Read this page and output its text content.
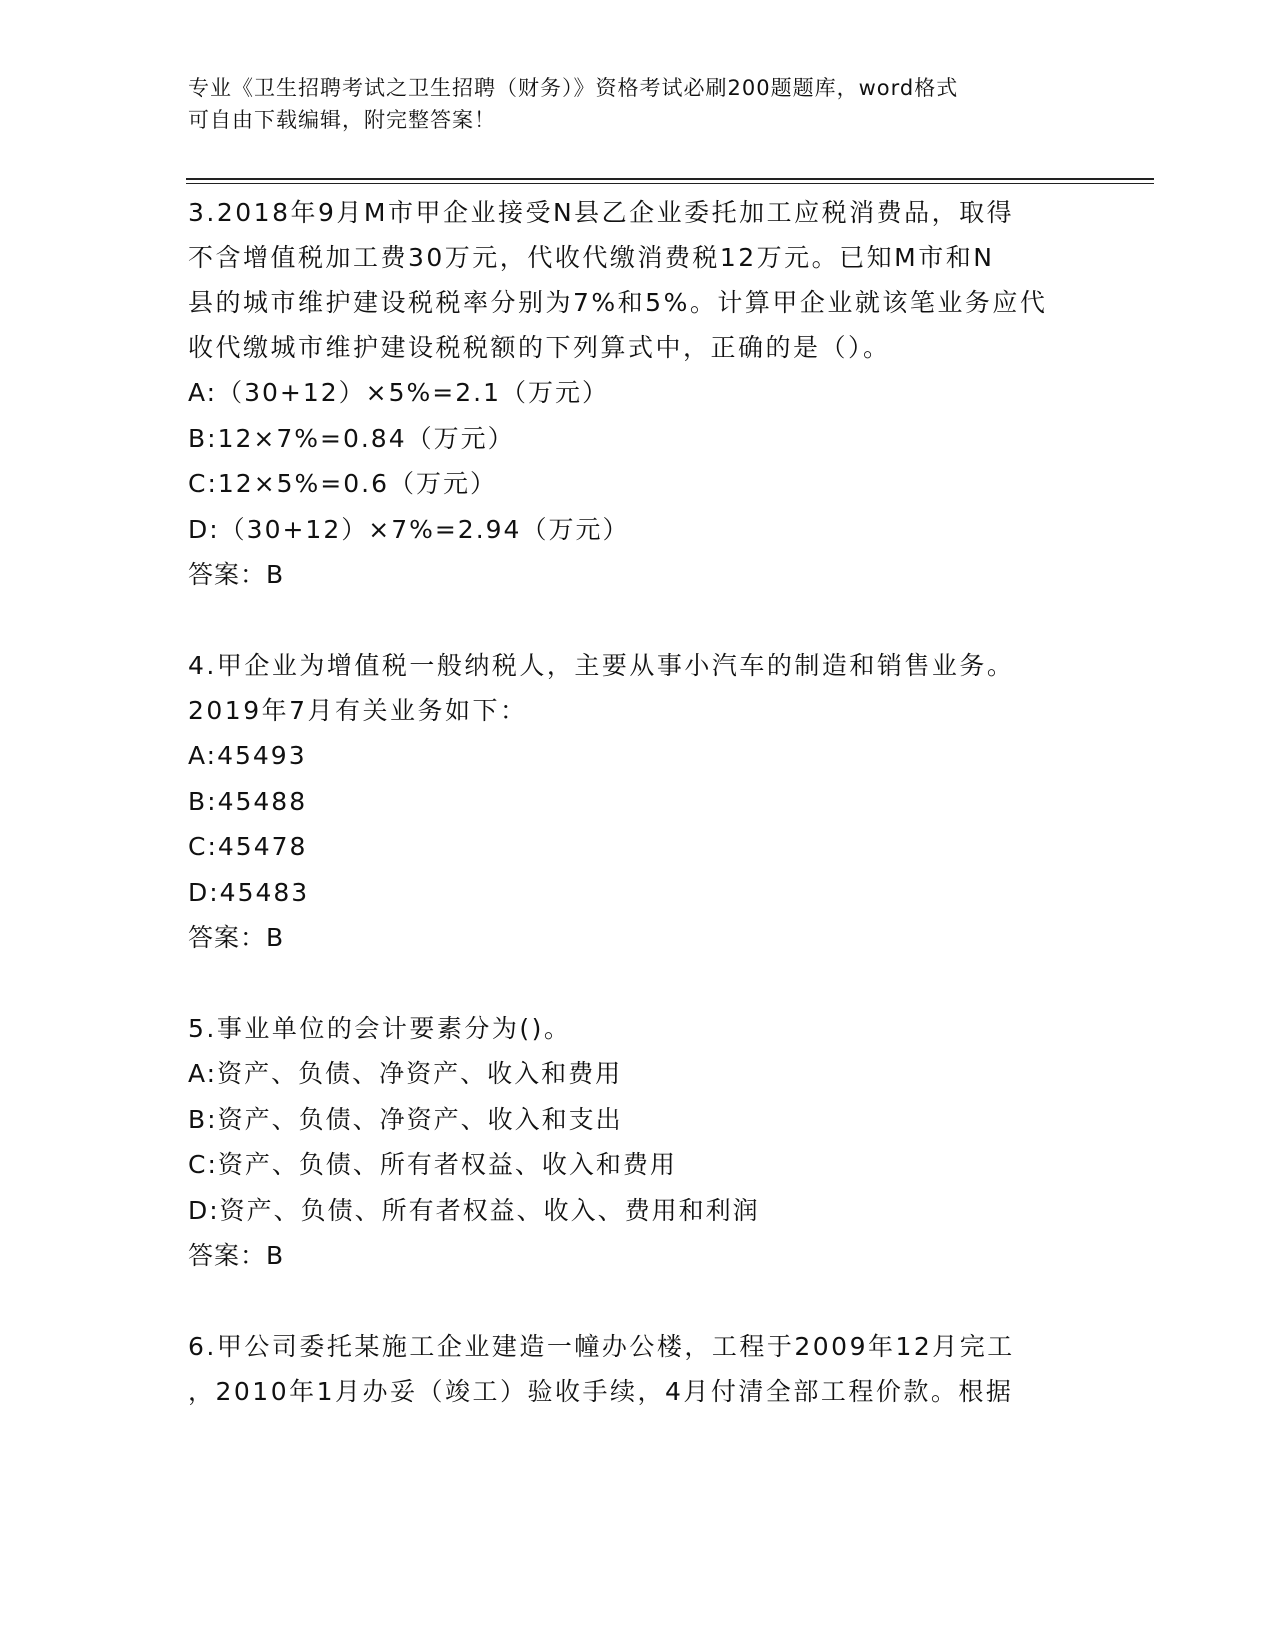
专业《卫生招聘考试之卫生招聘（财务）》资格考试必刷200题题库，word格式
可自由下载编辑，附完整答案！
3.2018年9月M市甲企业接受N县乙企业委托加工应税消费品，取得
不含增值税加工费30万元，代收代缴消费税12万元。已知M市和N
县的城市维护建设税税率分别为7%和5%。计算甲企业就该笔业务应代
收代缴城市维护建设税税额的下列算式中，正确的是（）。
A:（30+12）×5%=2.1（万元）
B:12×7%=0.84（万元）
C:12×5%=0.6（万元）
D:（30+12）×7%=2.94（万元）
答案：B
4.甲企业为增值税一般纳税人，主要从事小汽车的制造和销售业务。
2019年7月有关业务如下：
A:45493
B:45488
C:45478
D:45483
答案：B
5.事业单位的会计要素分为()。
A:资产、负债、净资产、收入和费用
B:资产、负债、净资产、收入和支出
C:资产、负债、所有者权益、收入和费用
D:资产、负债、所有者权益、收入、费用和利润
答案：B
6.甲公司委托某施工企业建造一幢办公楼，工程于2009年12月完工
，2010年1月办妥（竣工）验收手续，4月付清全部工程价款。根据
